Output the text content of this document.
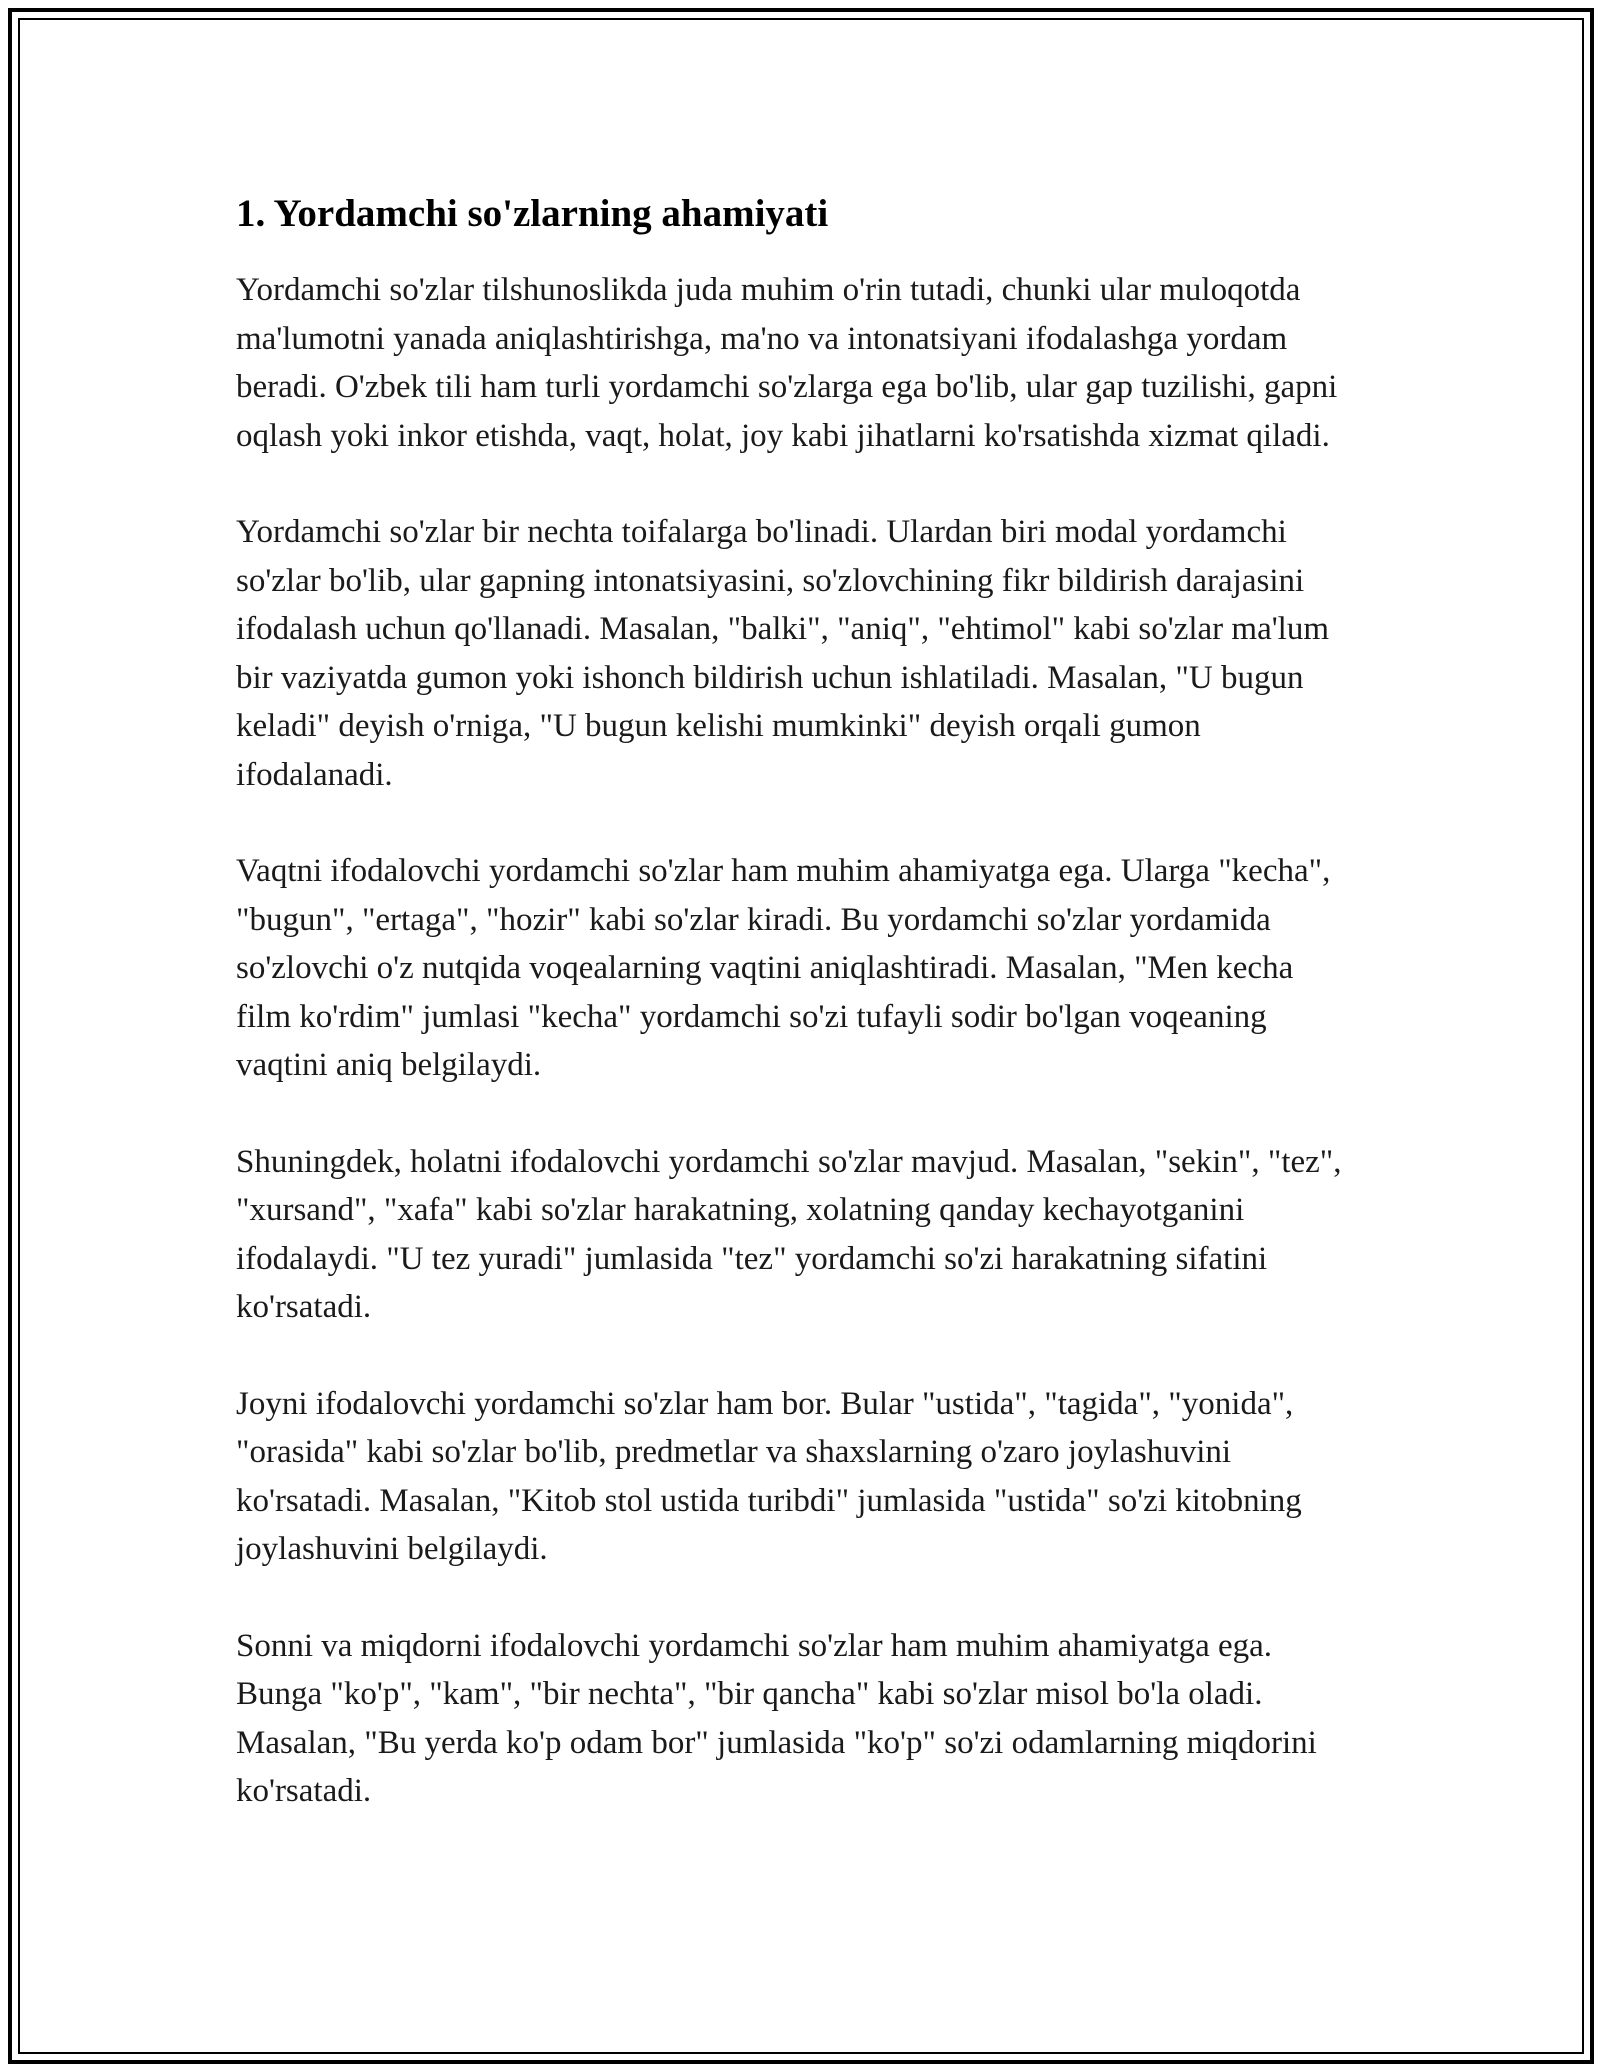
1. Yordamchi so'zlarning ahamiyati

Yordamchi so'zlar tilshunoslikda juda muhim o'rin tutadi, chunki ular muloqotda ma'lumotni yanada aniqlashtirishga, ma'no va intonatsiyani ifodalashga yordam beradi. O'zbek tili ham turli yordamchi so'zlarga ega bo'lib, ular gap tuzilishi, gapni oqlash yoki inkor etishda, vaqt, holat, joy kabi jihatlarni ko'rsatishda xizmat qiladi.

Yordamchi so'zlar bir nechta toifalarga bo'linadi. Ulardan biri modal yordamchi so'zlar bo'lib, ular gapning intonatsiyasini, so'zlovchining fikr bildirish darajasini ifodalash uchun qo'llanadi. Masalan, "balki", "aniq", "ehtimol" kabi so'zlar ma'lum bir vaziyatda gumon yoki ishonch bildirish uchun ishlatiladi. Masalan, "U bugun keladi" deyish o'rniga, "U bugun kelishi mumkinki" deyish orqali gumon ifodalanadi.

Vaqtni ifodalovchi yordamchi so'zlar ham muhim ahamiyatga ega. Ularga "kecha", "bugun", "ertaga", "hozir" kabi so'zlar kiradi. Bu yordamchi so'zlar yordamida so'zlovchi o'z nutqida voqealarning vaqtini aniqlashtiradi. Masalan, "Men kecha film ko'rdim" jumlasi "kecha" yordamchi so'zi tufayli sodir bo'lgan voqeaning vaqtini aniq belgilaydi.

Shuningdek, holatni ifodalovchi yordamchi so'zlar mavjud. Masalan, "sekin", "tez", "xursand", "xafa" kabi so'zlar harakatning, xolatning qanday kechayotganini ifodalaydi. "U tez yuradi" jumlasida "tez" yordamchi so'zi harakatning sifatini ko'rsatadi.

Joyni ifodalovchi yordamchi so'zlar ham bor. Bular "ustida", "tagida", "yonida", "orasida" kabi so'zlar bo'lib, predmetlar va shaxslarning o'zaro joylashuvini ko'rsatadi. Masalan, "Kitob stol ustida turibdi" jumlasida "ustida" so'zi kitobning joylashuvini belgilaydi.

Sonni va miqdorni ifodalovchi yordamchi so'zlar ham muhim ahamiyatga ega. Bunga "ko'p", "kam", "bir nechta", "bir qancha" kabi so'zlar misol bo'la oladi. Masalan, "Bu yerda ko'p odam bor" jumlasida "ko'p" so'zi odamlarning miqdorini ko'rsatadi.
